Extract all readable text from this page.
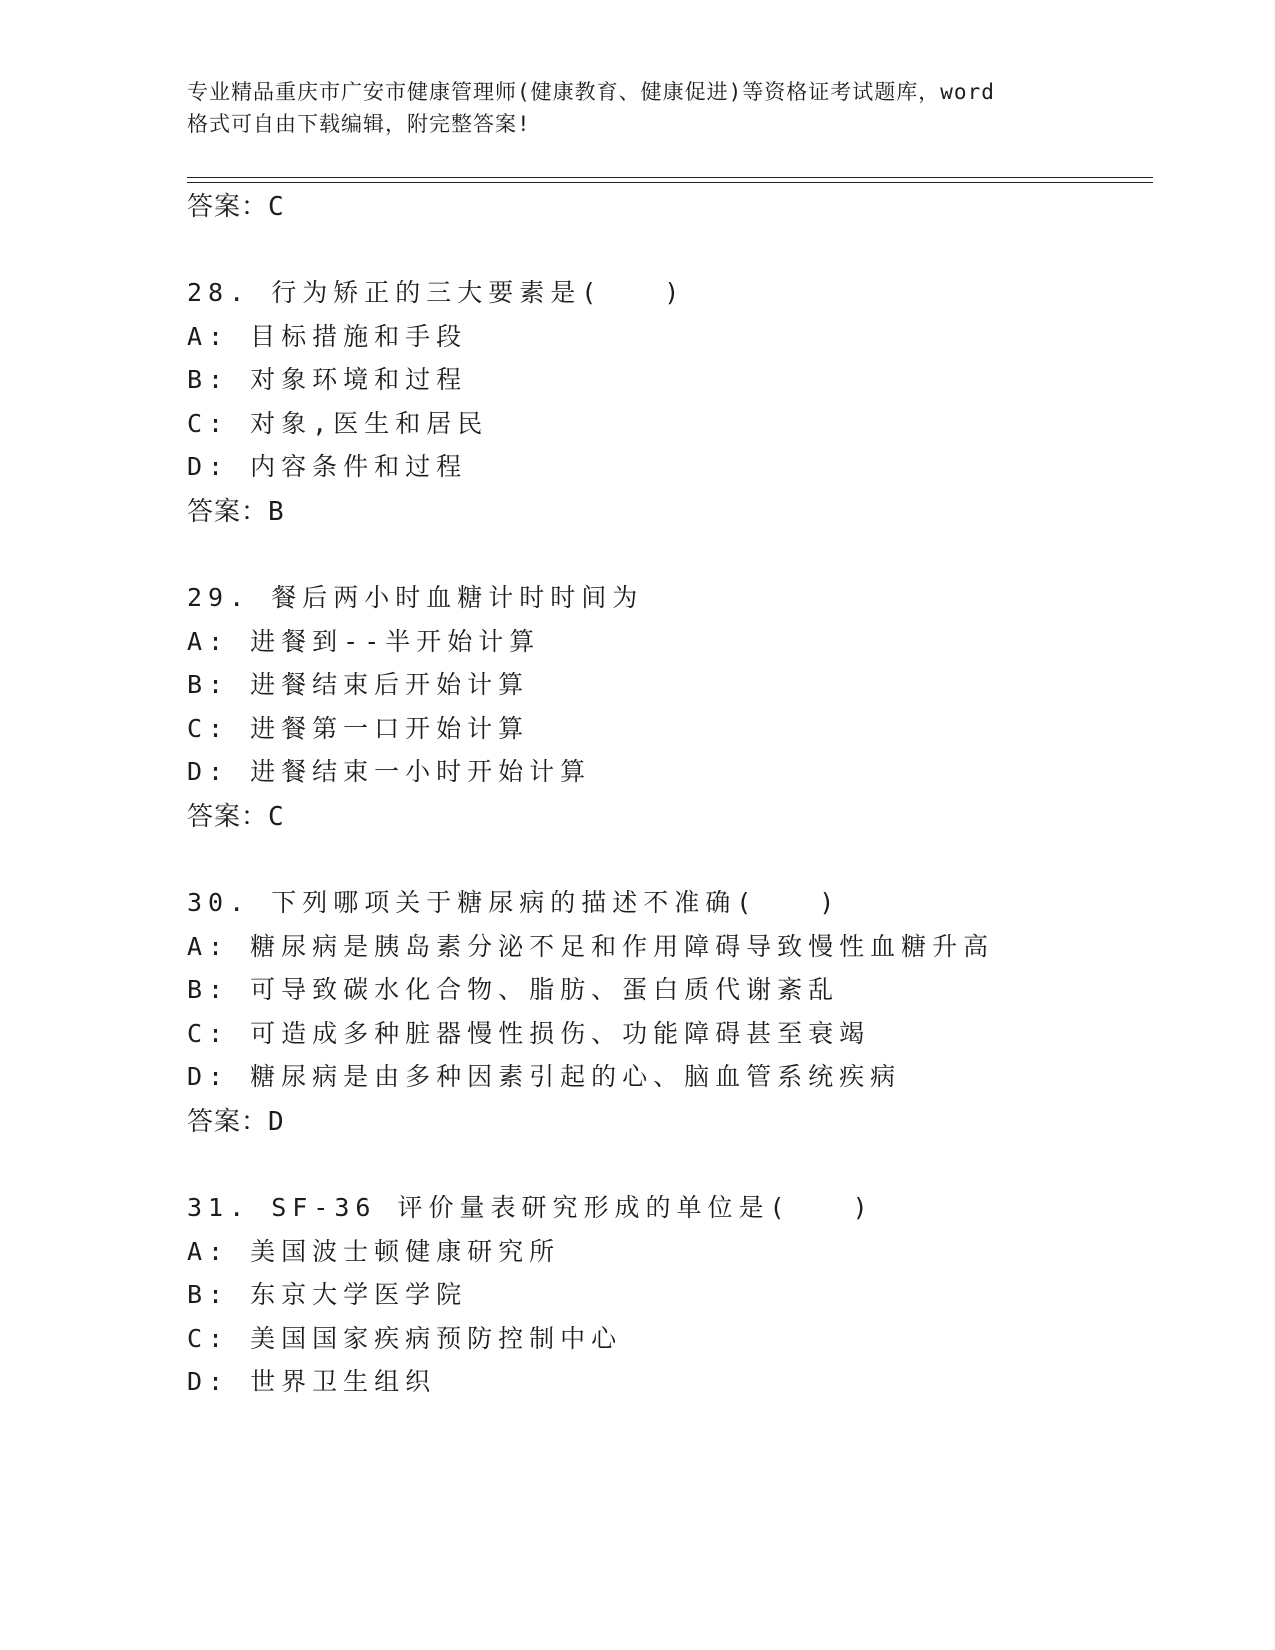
专业精品重庆市广安市健康管理师(健康教育、健康促进)等资格证考试题库，word
格式可自由下载编辑，附完整答案!
答案：C
28. 行为矫正的三大要素是(　　)
A: 目标措施和手段
B: 对象环境和过程
C: 对象,医生和居民
D: 内容条件和过程
答案：B
29. 餐后两小时血糖计时时间为
A: 进餐到--半开始计算
B: 进餐结束后开始计算
C: 进餐第一口开始计算
D: 进餐结束一小时开始计算
答案：C
30. 下列哪项关于糖尿病的描述不准确(　　)
A: 糖尿病是胰岛素分泌不足和作用障碍导致慢性血糖升高
B: 可导致碳水化合物、脂肪、蛋白质代谢紊乱
C: 可造成多种脏器慢性损伤、功能障碍甚至衰竭
D: 糖尿病是由多种因素引起的心、脑血管系统疾病
答案：D
31. SF-36 评价量表研究形成的单位是(　　)
A: 美国波士顿健康研究所
B: 东京大学医学院
C: 美国国家疾病预防控制中心
D: 世界卫生组织
